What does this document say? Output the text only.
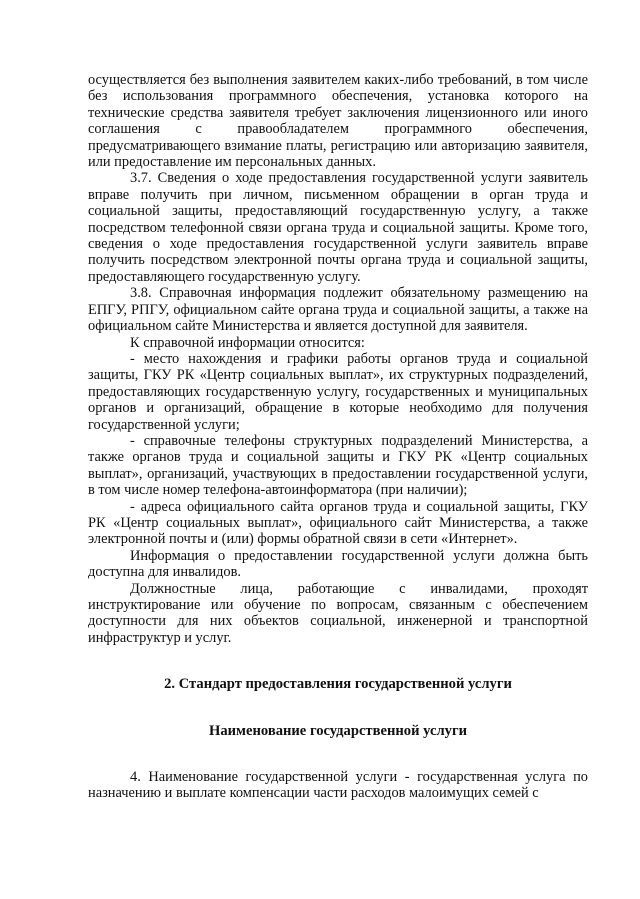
осуществляется без выполнения заявителем каких-либо требований, в том числе без использования программного обеспечения, установка которого на технические средства заявителя требует заключения лицензионного или иного соглашения с правообладателем программного обеспечения, предусматривающего взимание платы, регистрацию или авторизацию заявителя, или предоставление им персональных данных.

3.7. Сведения о ходе предоставления государственной услуги заявитель вправе получить при личном, письменном обращении в орган труда и социальной защиты, предоставляющий государственную услугу, а также посредством телефонной связи органа труда и социальной защиты. Кроме того, сведения о ходе предоставления государственной услуги заявитель вправе получить посредством электронной почты органа труда и социальной защиты, предоставляющего государственную услугу.

3.8. Справочная информация подлежит обязательному размещению на ЕПГУ, РПГУ, официальном сайте органа труда и социальной защиты, а также на официальном сайте Министерства и является доступной для заявителя.

К справочной информации относится:

- место нахождения и графики работы органов труда и социальной защиты, ГКУ РК «Центр социальных выплат», их структурных подразделений, предоставляющих государственную услугу, государственных и муниципальных органов и организаций, обращение в которые необходимо для получения государственной услуги;

- справочные телефоны структурных подразделений Министерства, а также органов труда и социальной защиты и ГКУ РК «Центр социальных выплат», организаций, участвующих в предоставлении государственной услуги, в том числе номер телефона-автоинформатора (при наличии);

- адреса официального сайта органов труда и социальной защиты, ГКУ РК «Центр социальных выплат», официального сайт Министерства, а также электронной почты и (или) формы обратной связи в сети «Интернет».

Информация о предоставлении государственной услуги должна быть доступна для инвалидов.

Должностные лица, работающие с инвалидами, проходят инструктирование или обучение по вопросам, связанным с обеспечением доступности для них объектов социальной, инженерной и транспортной инфраструктур и услуг.

2. Стандарт предоставления государственной услуги

Наименование государственной услуги

4. Наименование государственной услуги - государственная услуга по назначению и выплате компенсации части расходов малоимущих семей с
